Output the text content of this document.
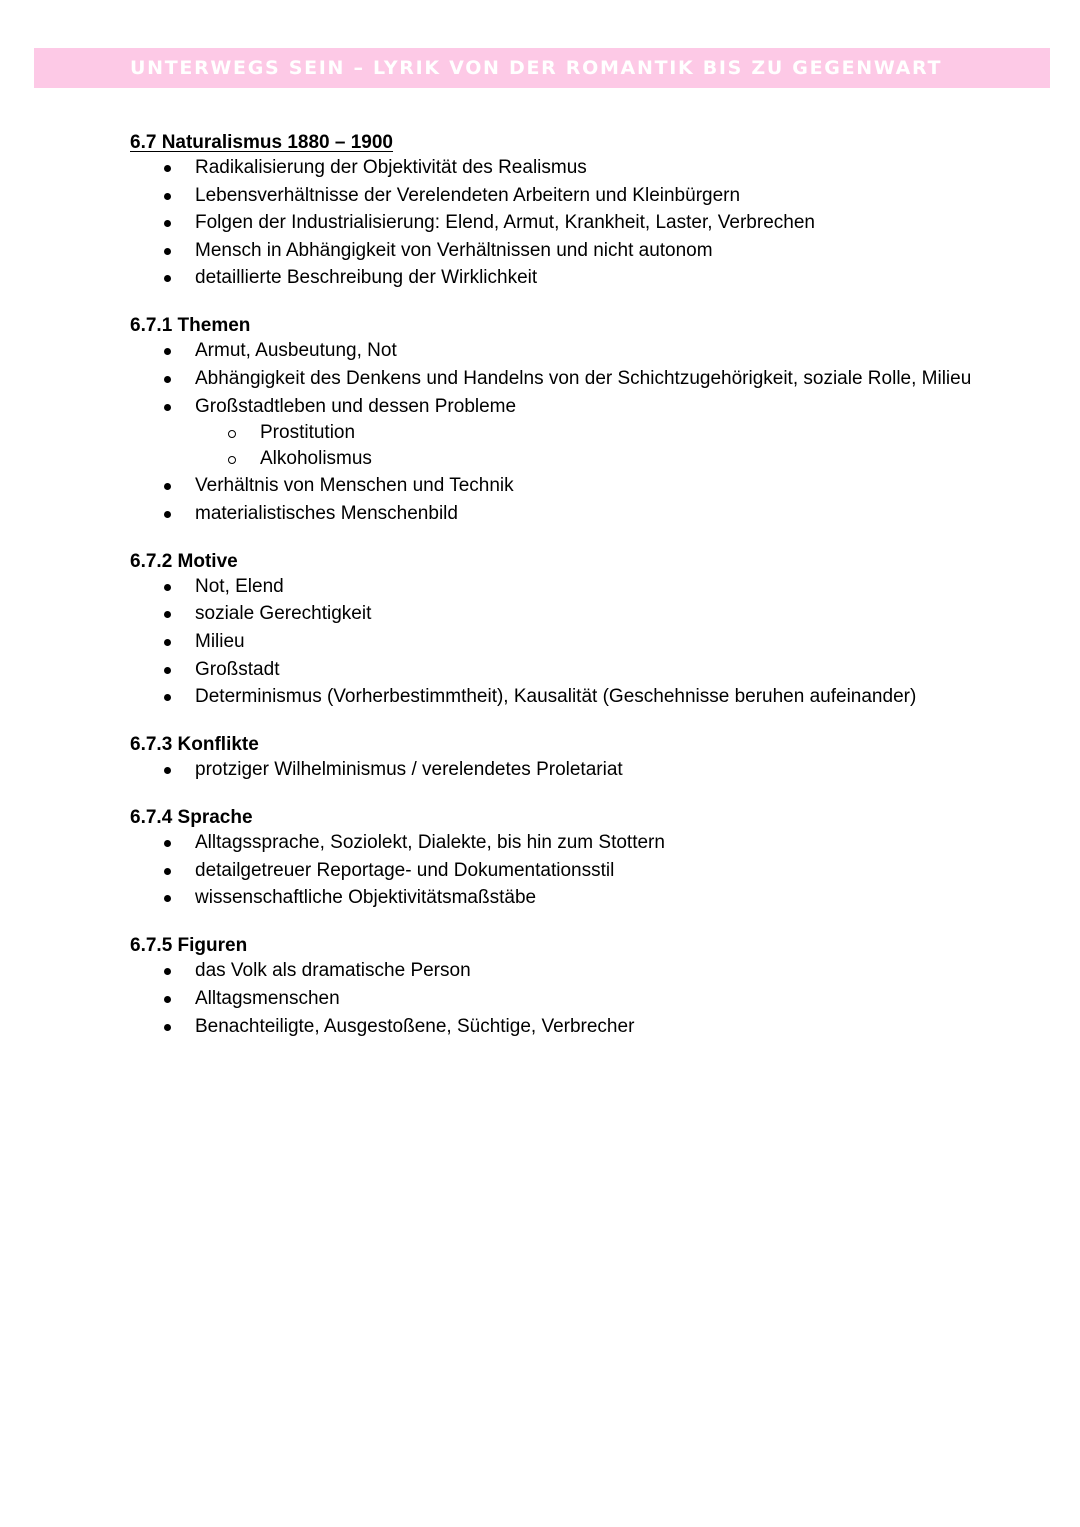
UNTERWEGS SEIN – LYRIK VON DER ROMANTIK BIS ZU GEGENWART
6.7 Naturalismus 1880 – 1900
Radikalisierung der Objektivität des Realismus
Lebensverhältnisse der Verelendeten Arbeitern und Kleinbürgern
Folgen der Industrialisierung: Elend, Armut, Krankheit, Laster, Verbrechen
Mensch in Abhängigkeit von Verhältnissen und nicht autonom
detaillierte Beschreibung der Wirklichkeit
6.7.1 Themen
Armut, Ausbeutung, Not
Abhängigkeit des Denkens und Handelns von der Schichtzugehörigkeit, soziale Rolle, Milieu
Großstadtleben und dessen Probleme
Prostitution
Alkoholismus
Verhältnis von Menschen und Technik
materialistisches Menschenbild
6.7.2 Motive
Not, Elend
soziale Gerechtigkeit
Milieu
Großstadt
Determinismus (Vorherbestimmtheit), Kausalität (Geschehnisse beruhen aufeinander)
6.7.3 Konflikte
protziger Wilhelminismus / verelendetes Proletariat
6.7.4 Sprache
Alltagssprache, Soziolekt, Dialekte, bis hin zum Stottern
detailgetreuer Reportage- und Dokumentationsstil
wissenschaftliche Objektivitätsmaßstäbe
6.7.5 Figuren
das Volk als dramatische Person
Alltagsmenschen
Benachteiligte, Ausgestoßene, Süchtige, Verbrecher
